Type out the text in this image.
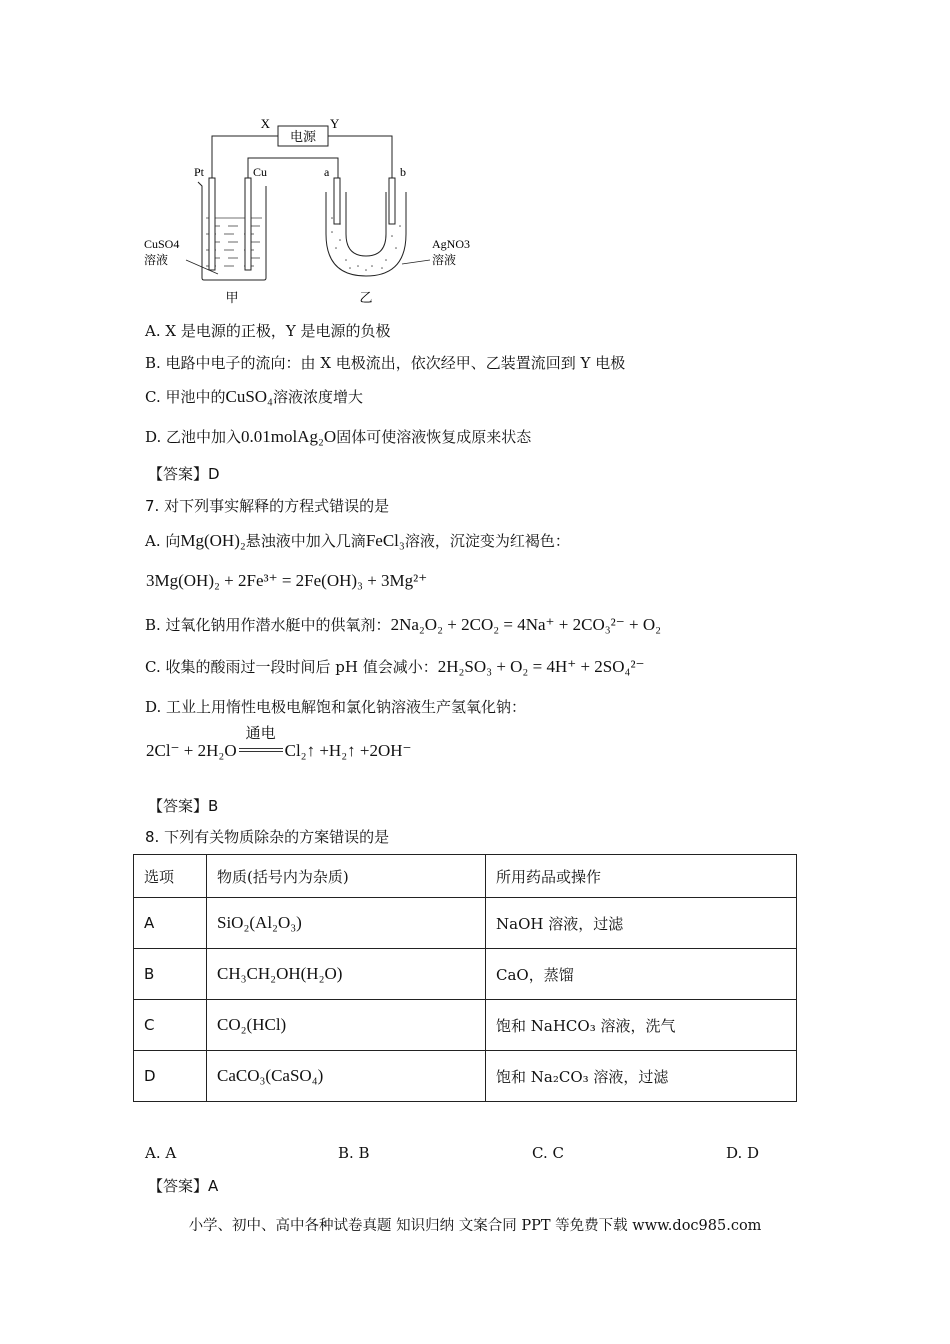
电源
X	Y
Pt	Cu
CuSO4
溶液
甲
a	b
AgNO3
溶液
乙
A. X 是电源的正极，Y 是电源的负极
B. 电路中电子的流向：由 X 电极流出，依次经甲、乙装置流回到 Y 电极
C. 甲池中的CuSO₄溶液浓度增大
D. 乙池中加入0.01molAg₂O固体可使溶液恢复成原来状态
【答案】D
7. 对下列事实解释的方程式错误的是
A. 向Mg(OH)₂悬浊液中加入几滴FeCl₃溶液，沉淀变为红褐色：
3Mg(OH)₂ + 2Fe³⁺ = 2Fe(OH)₃ + 3Mg²⁺
B. 过氧化钠用作潜水艇中的供氧剂：2Na₂O₂ + 2CO₂ = 4Na⁺ + 2CO₃²⁻ + O₂
C. 收集的酸雨过一段时间后 pH 值会减小：2H₂SO₃ + O₂ = 4H⁺ + 2SO₄²⁻
D. 工业上用惰性电极电解饱和氯化钠溶液生产氢氧化钠：
2Cl⁻ + 2H₂O
通电
Cl₂↑ +H₂↑ +2OH⁻
【答案】B
8. 下列有关物质除杂的方案错误的是
选项	物质(括号内为杂质)	所用药品或操作
A	SiO₂(Al₂O₃)	NaOH 溶液，过滤
B	CH₃CH₂OH(H₂O)	CaO，蒸馏
C	CO₂(HCl)	饱和 NaHCO₃ 溶液，洗气
D	CaCO₃(CaSO₄)	饱和 Na₂CO₃ 溶液，过滤
A. A	B. B	C. C	D. D
【答案】A
小学、初中、高中各种试卷真题 知识归纳 文案合同 PPT 等免费下载 www.doc985.com
